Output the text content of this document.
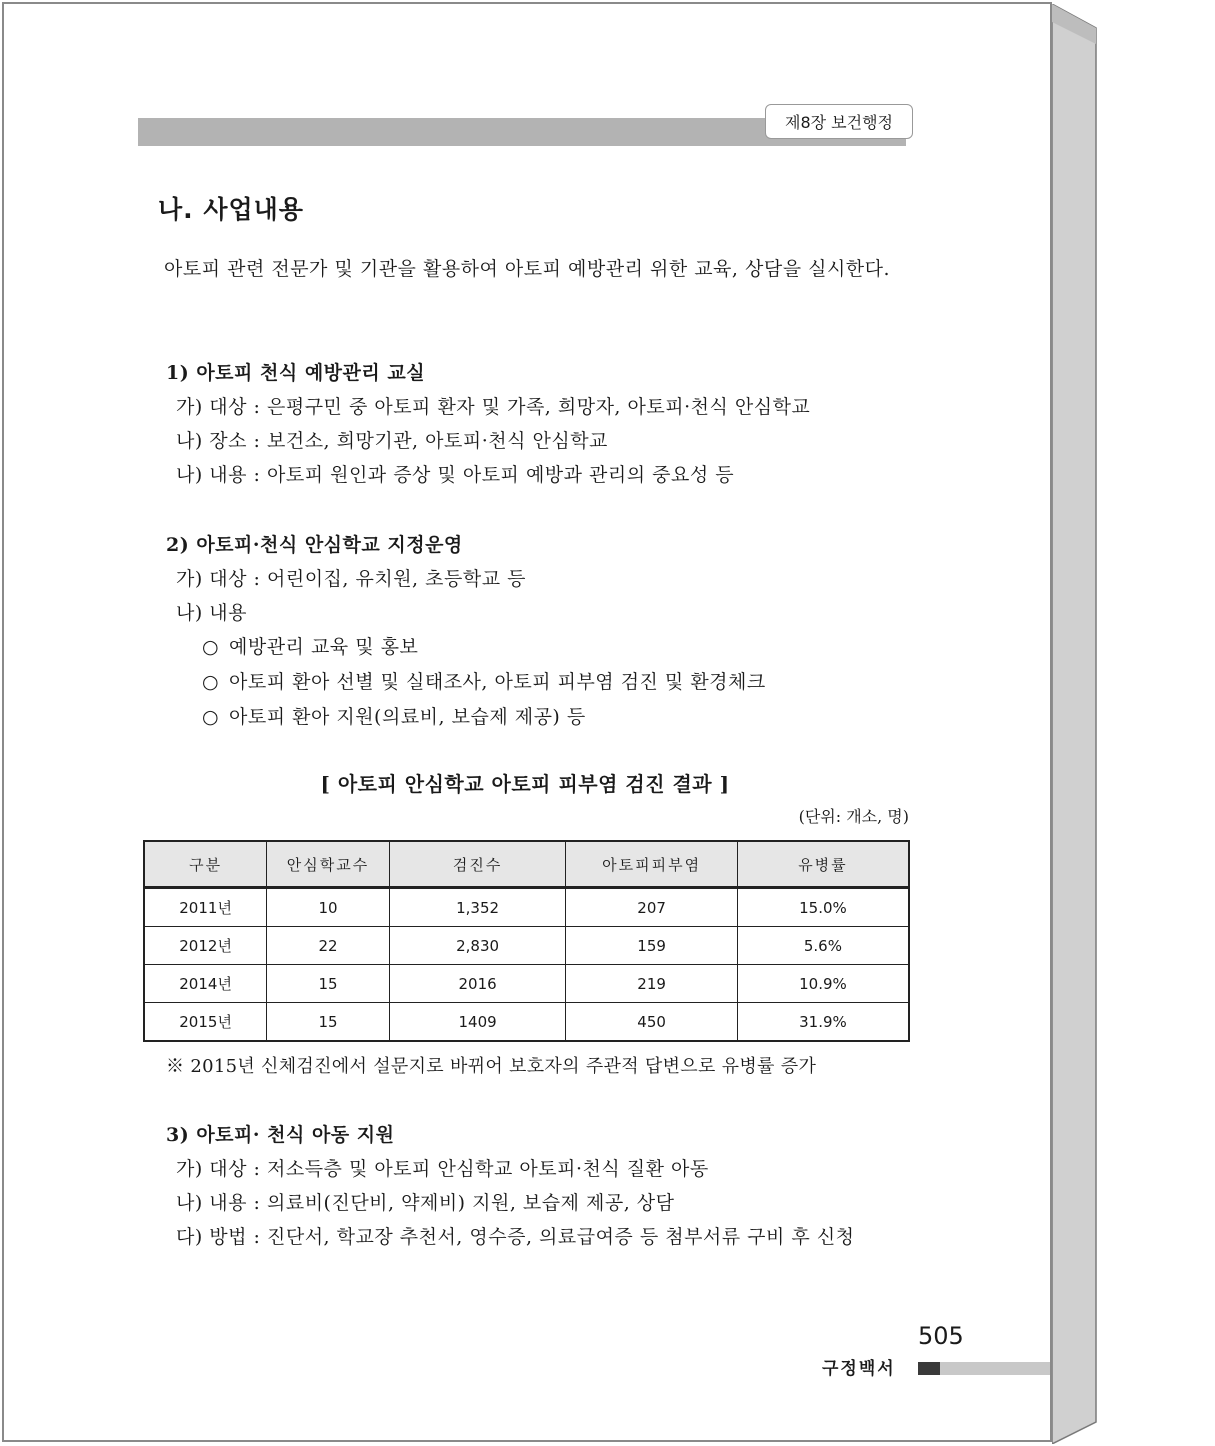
제8장 보건행정
나. 사업내용
아토피 관련 전문가 및 기관을 활용하여 아토피 예방관리 위한 교육, 상담을 실시한다.
1) 아토피 천식 예방관리 교실
가) 대상 : 은평구민 중 아토피 환자 및 가족, 희망자, 아토피·천식 안심학교
나) 장소 : 보건소, 희망기관, 아토피·천식 안심학교
나) 내용 : 아토피 원인과 증상 및 아토피 예방과 관리의 중요성 등
2) 아토피·천식 안심학교 지정운영
가) 대상 : 어린이집, 유치원, 초등학교 등
나) 내용
○ 예방관리 교육 및 홍보
○ 아토피 환아 선별 및 실태조사, 아토피 피부염 검진 및 환경체크
○ 아토피 환아 지원(의료비, 보습제 제공) 등
[ 아토피 안심학교 아토피 피부염 검진 결과 ]
(단위: 개소, 명)
구분	안심학교수	검진수	아토피피부염	유병률
2011년	10	1,352	207	15.0%
2012년	22	2,830	159	5.6%
2014년	15	2016	219	10.9%
2015년	15	1409	450	31.9%
※ 2015년 신체검진에서 설문지로 바뀌어 보호자의 주관적 답변으로 유병률 증가
3) 아토피· 천식 아동 지원
가) 대상 : 저소득층 및 아토피 안심학교 아토피·천식 질환 아동
나) 내용 : 의료비(진단비, 약제비) 지원, 보습제 제공, 상담
다) 방법 : 진단서, 학교장 추천서, 영수증, 의료급여증 등 첨부서류 구비 후 신청
505
구정백서
